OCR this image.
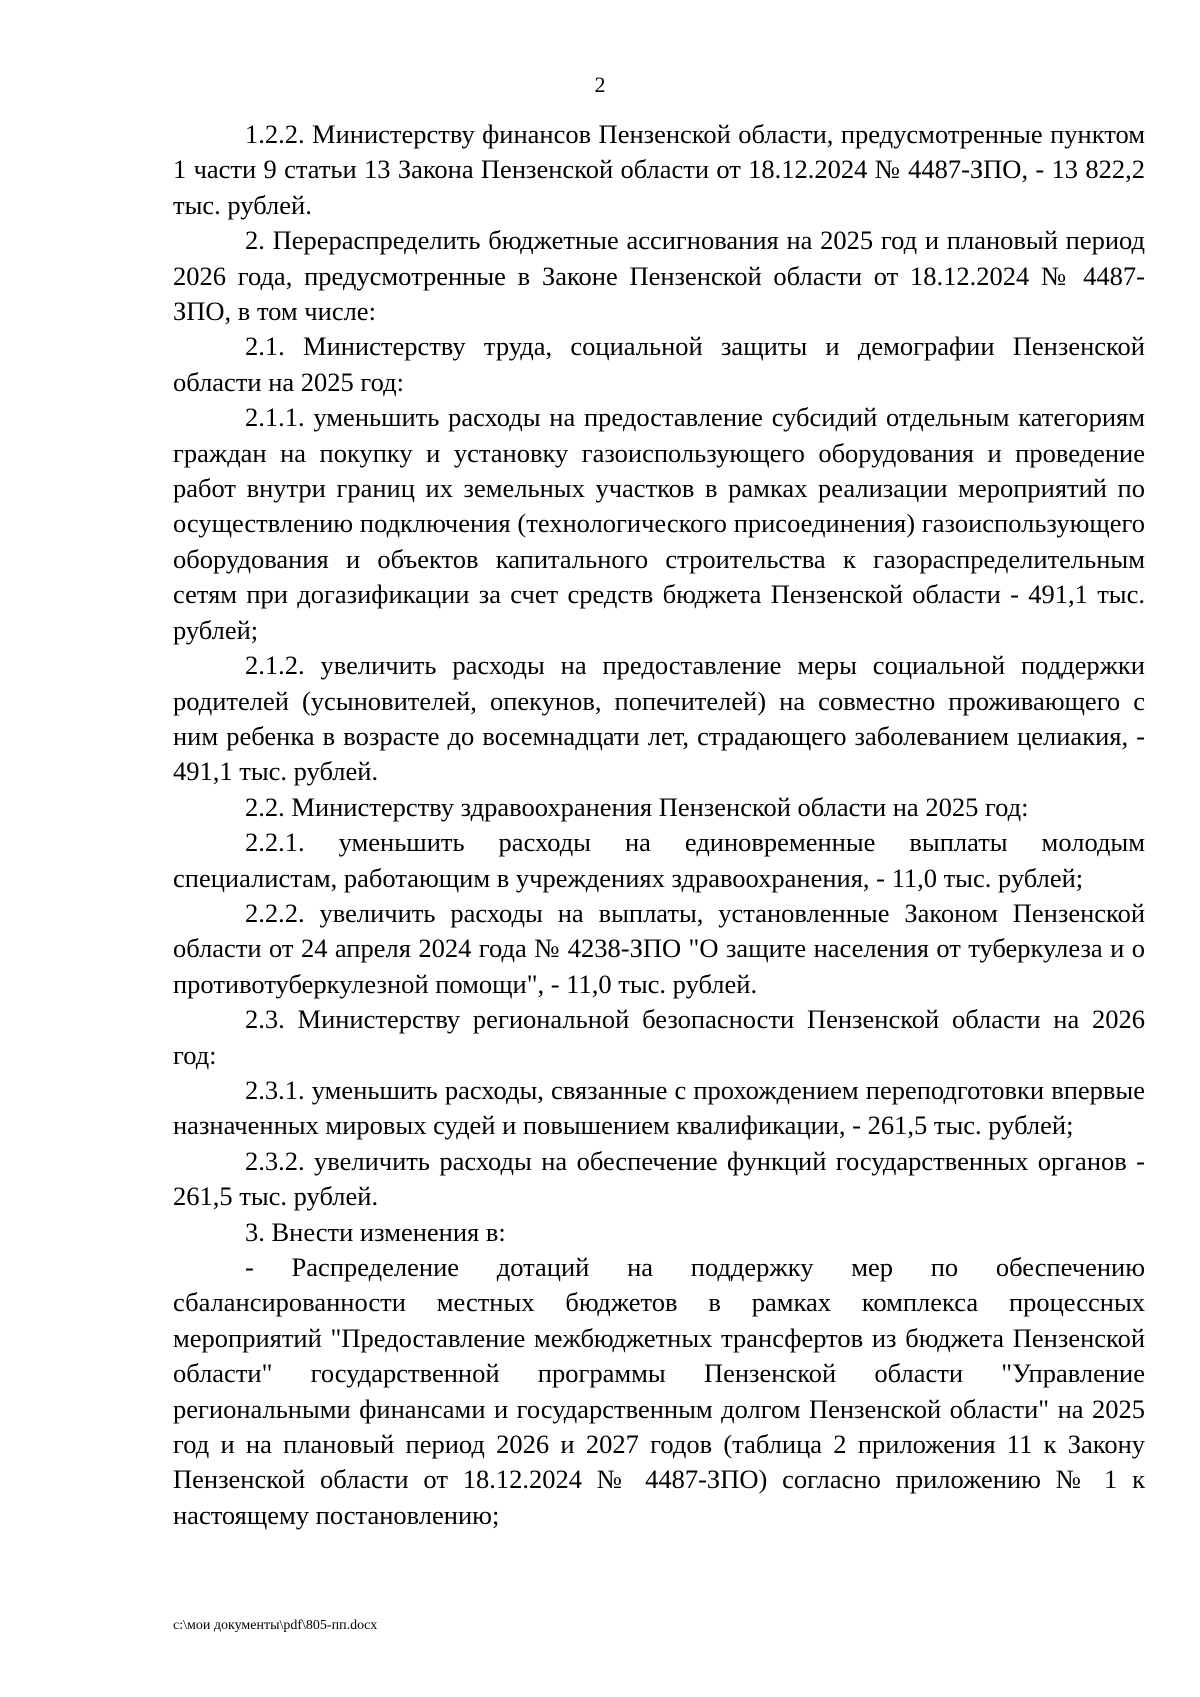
2

1.2.2. Министерству финансов Пензенской области, предусмотренные пунктом 1 части 9 статьи 13 Закона Пензенской области от 18.12.2024 № 4487-ЗПО, - 13 822,2 тыс. рублей.

2. Перераспределить бюджетные ассигнования на 2025 год и плановый период 2026 года, предусмотренные в Законе Пензенской области от 18.12.2024 № 4487-ЗПО, в том числе:

2.1. Министерству труда, социальной защиты и демографии Пензенской области на 2025 год:

2.1.1. уменьшить расходы на предоставление субсидий отдельным категориям граждан на покупку и установку газоиспользующего оборудования и проведение работ внутри границ их земельных участков в рамках реализации мероприятий по осуществлению подключения (технологического присоединения) газоиспользующего оборудования и объектов капитального строительства к газораспределительным сетям при догазификации за счет средств бюджета Пензенской области - 491,1 тыс. рублей;

2.1.2. увеличить расходы на предоставление меры социальной поддержки родителей (усыновителей, опекунов, попечителей) на совместно проживающего с ним ребенка в возрасте до восемнадцати лет, страдающего заболеванием целиакия, - 491,1 тыс. рублей.

2.2. Министерству здравоохранения Пензенской области на 2025 год:

2.2.1. уменьшить расходы на единовременные выплаты молодым специалистам, работающим в учреждениях здравоохранения, - 11,0 тыс. рублей;

2.2.2. увеличить расходы на выплаты, установленные Законом Пензенской области от 24 апреля 2024 года № 4238-ЗПО "О защите населения от туберкулеза и о противотуберкулезной помощи", - 11,0 тыс. рублей.

2.3. Министерству региональной безопасности Пензенской области на 2026 год:

2.3.1. уменьшить расходы, связанные с прохождением переподготовки впервые назначенных мировых судей и повышением квалификации, - 261,5 тыс. рублей;

2.3.2. увеличить расходы на обеспечение функций государственных органов - 261,5 тыс. рублей.

3. Внести изменения в:

- Распределение дотаций на поддержку мер по обеспечению сбалансированности местных бюджетов в рамках комплекса процессных мероприятий "Предоставление межбюджетных трансфертов из бюджета Пензенской области" государственной программы Пензенской области "Управление региональными финансами и государственным долгом Пензенской области" на 2025 год и на плановый период 2026 и 2027 годов (таблица 2 приложения 11 к Закону Пензенской области от 18.12.2024 № 4487-ЗПО) согласно приложению № 1 к настоящему постановлению;

c:\мои документы\pdf\805-пп.docx
